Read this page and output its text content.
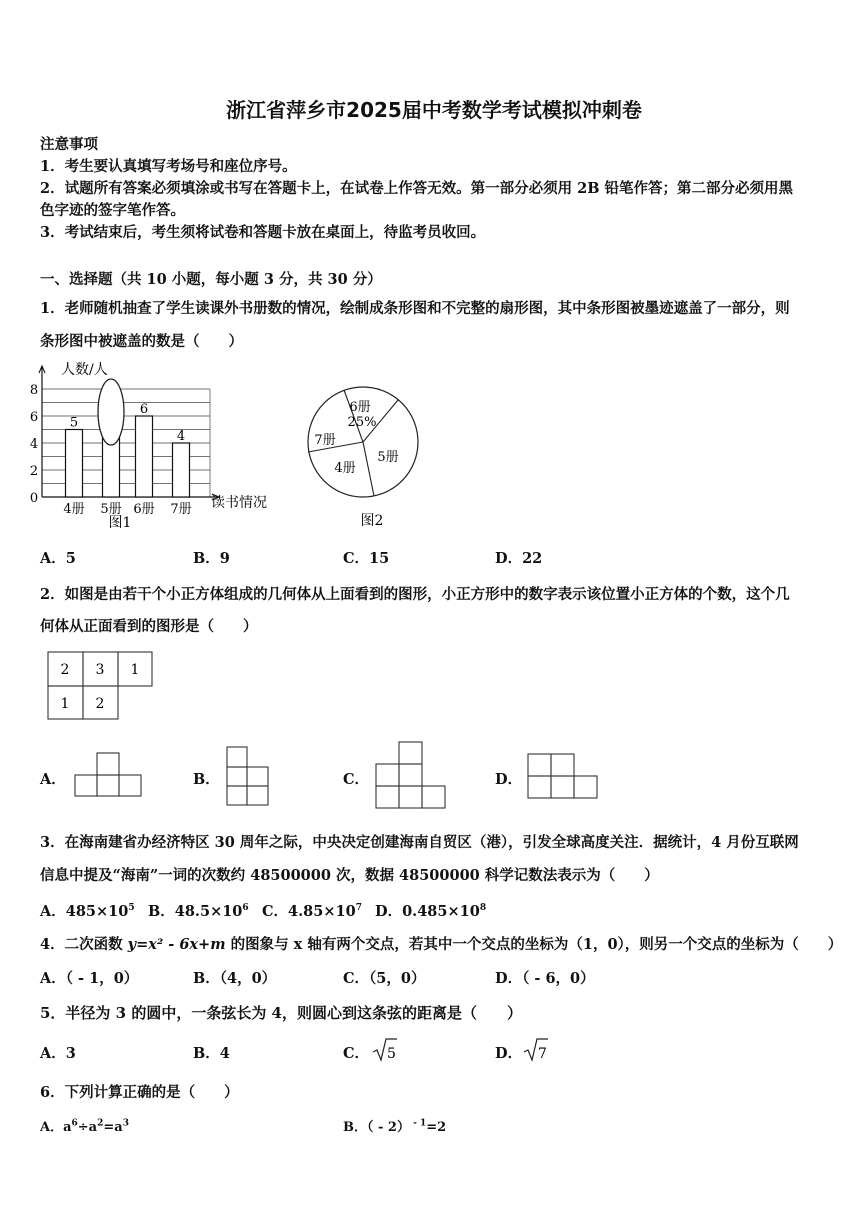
浙江省萍乡市2025届中考数学考试模拟冲刺卷
注意事项
1．考生要认真填写考场号和座位序号。
2．试题所有答案必须填涂或书写在答题卡上，在试卷上作答无效。第一部分必须用 2B 铅笔作答；第二部分必须用黑
色字迹的签字笔作答。
3．考试结束后，考生须将试卷和答题卡放在桌面上，待监考员收回。
一、选择题（共 10 小题，每小题 3 分，共 30 分）
1．老师随机抽查了学生读课外书册数的情况，绘制成条形图和不完整的扇形图，其中条形图被墨迹遮盖了一部分，则
条形图中被遮盖的数是（　　）
0
2
4
6
8
5
4册 5册
6
6册
4
7册
人数/人
读书情况
图1
6册
25%
5册
4册
7册
图2
A．5	B．9	C．15	D．22
2．如图是由若干个小正方体组成的几何体从上面看到的图形，小正方形中的数字表示该位置小正方体的个数，这个几
何体从正面看到的图形是（　　）
2 3 1
1 2
A．	B．	C．	D．
3．在海南建省办经济特区 30 周年之际，中央决定创建海南自贸区（港），引发全球高度关注．据统计，4 月份互联网
信息中提及“海南”一词的次数约 48500000 次，数据 48500000 科学记数法表示为（　　）
A．$485\times 10^5$ B．$48.5\times 10^6$ C．$4.85\times 10^7$ D．$0.485\times 10^8$
4．二次函数 y=x² - 6x+m 的图象与 x 轴有两个交点，若其中一个交点的坐标为（1，0），则另一个交点的坐标为（　　）
A．（ - 1，0）	B．（4，0）	C．（5，0）	D．（ - 6，0）
5．半径为 3 的圆中，一条弦长为 4，则圆心到这条弦的距离是（　　）
A．3	B．4	C． 5	D． 7
6．下列计算正确的是（　　）
A．$a^6\div a^2=a^3$	B．（ - 2） $^{- 1}$=2
